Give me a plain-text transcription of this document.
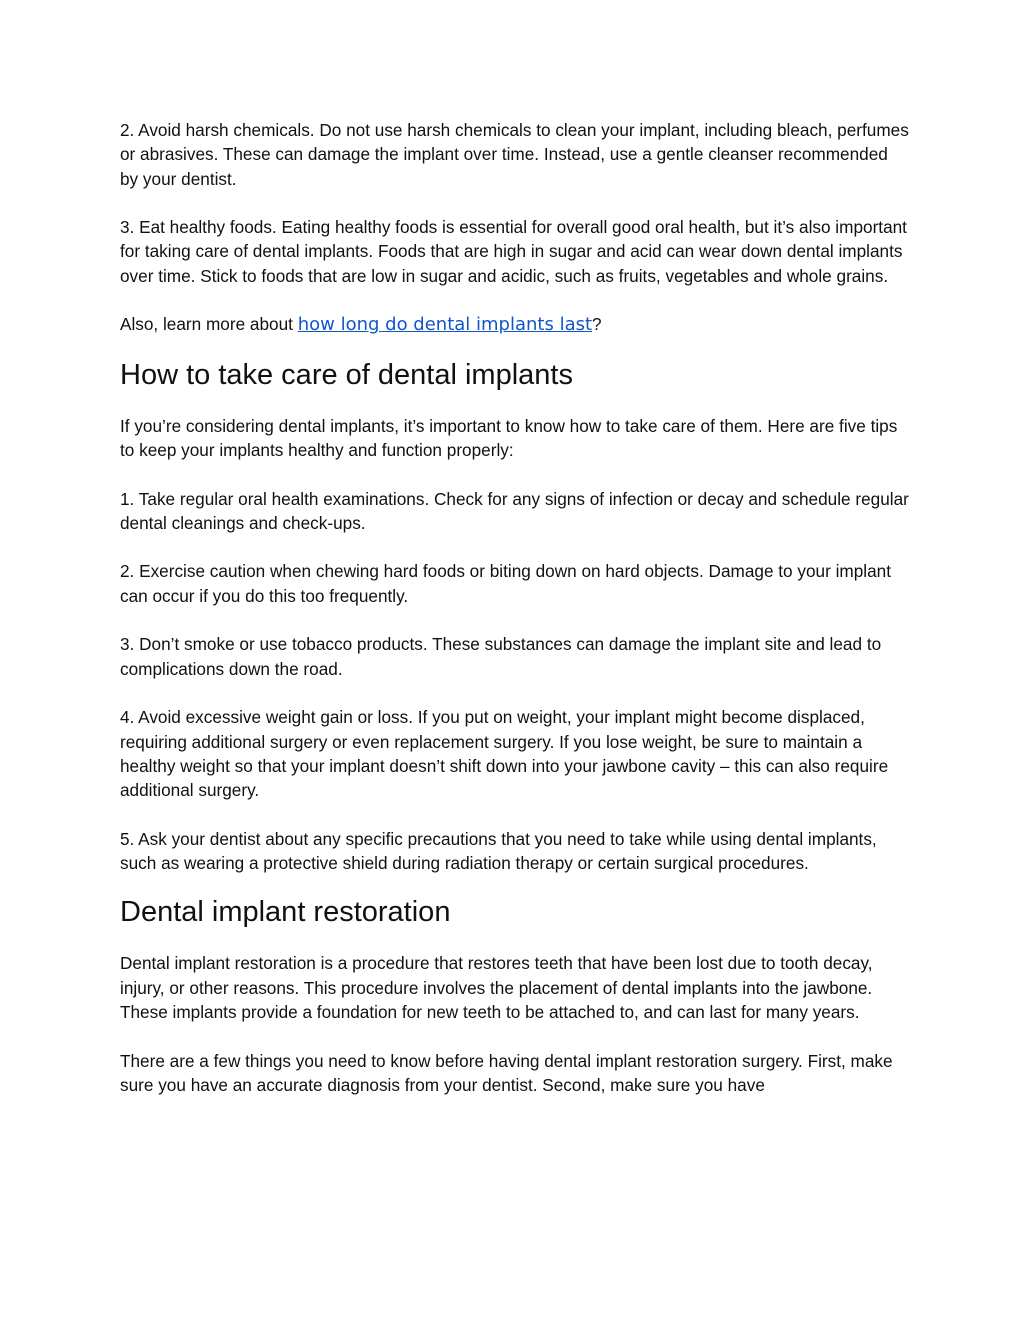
2. Avoid harsh chemicals. Do not use harsh chemicals to clean your implant, including bleach, perfumes or abrasives. These can damage the implant over time. Instead, use a gentle cleanser recommended by your dentist.

3. Eat healthy foods. Eating healthy foods is essential for overall good oral health, but it’s also important for taking care of dental implants. Foods that are high in sugar and acid can wear down dental implants over time. Stick to foods that are low in sugar and acidic, such as fruits, vegetables and whole grains.

Also, learn more about how long do dental implants last?

How to take care of dental implants

If you’re considering dental implants, it’s important to know how to take care of them. Here are five tips to keep your implants healthy and function properly:

1. Take regular oral health examinations. Check for any signs of infection or decay and schedule regular dental cleanings and check-ups.

2. Exercise caution when chewing hard foods or biting down on hard objects. Damage to your implant can occur if you do this too frequently.

3. Don’t smoke or use tobacco products. These substances can damage the implant site and lead to complications down the road.

4. Avoid excessive weight gain or loss. If you put on weight, your implant might become displaced, requiring additional surgery or even replacement surgery. If you lose weight, be sure to maintain a healthy weight so that your implant doesn’t shift down into your jawbone cavity – this can also require additional surgery.

5. Ask your dentist about any specific precautions that you need to take while using dental implants, such as wearing a protective shield during radiation therapy or certain surgical procedures.

Dental implant restoration

Dental implant restoration is a procedure that restores teeth that have been lost due to tooth decay, injury, or other reasons. This procedure involves the placement of dental implants into the jawbone. These implants provide a foundation for new teeth to be attached to, and can last for many years.

There are a few things you need to know before having dental implant restoration surgery. First, make sure you have an accurate diagnosis from your dentist. Second, make sure you have
